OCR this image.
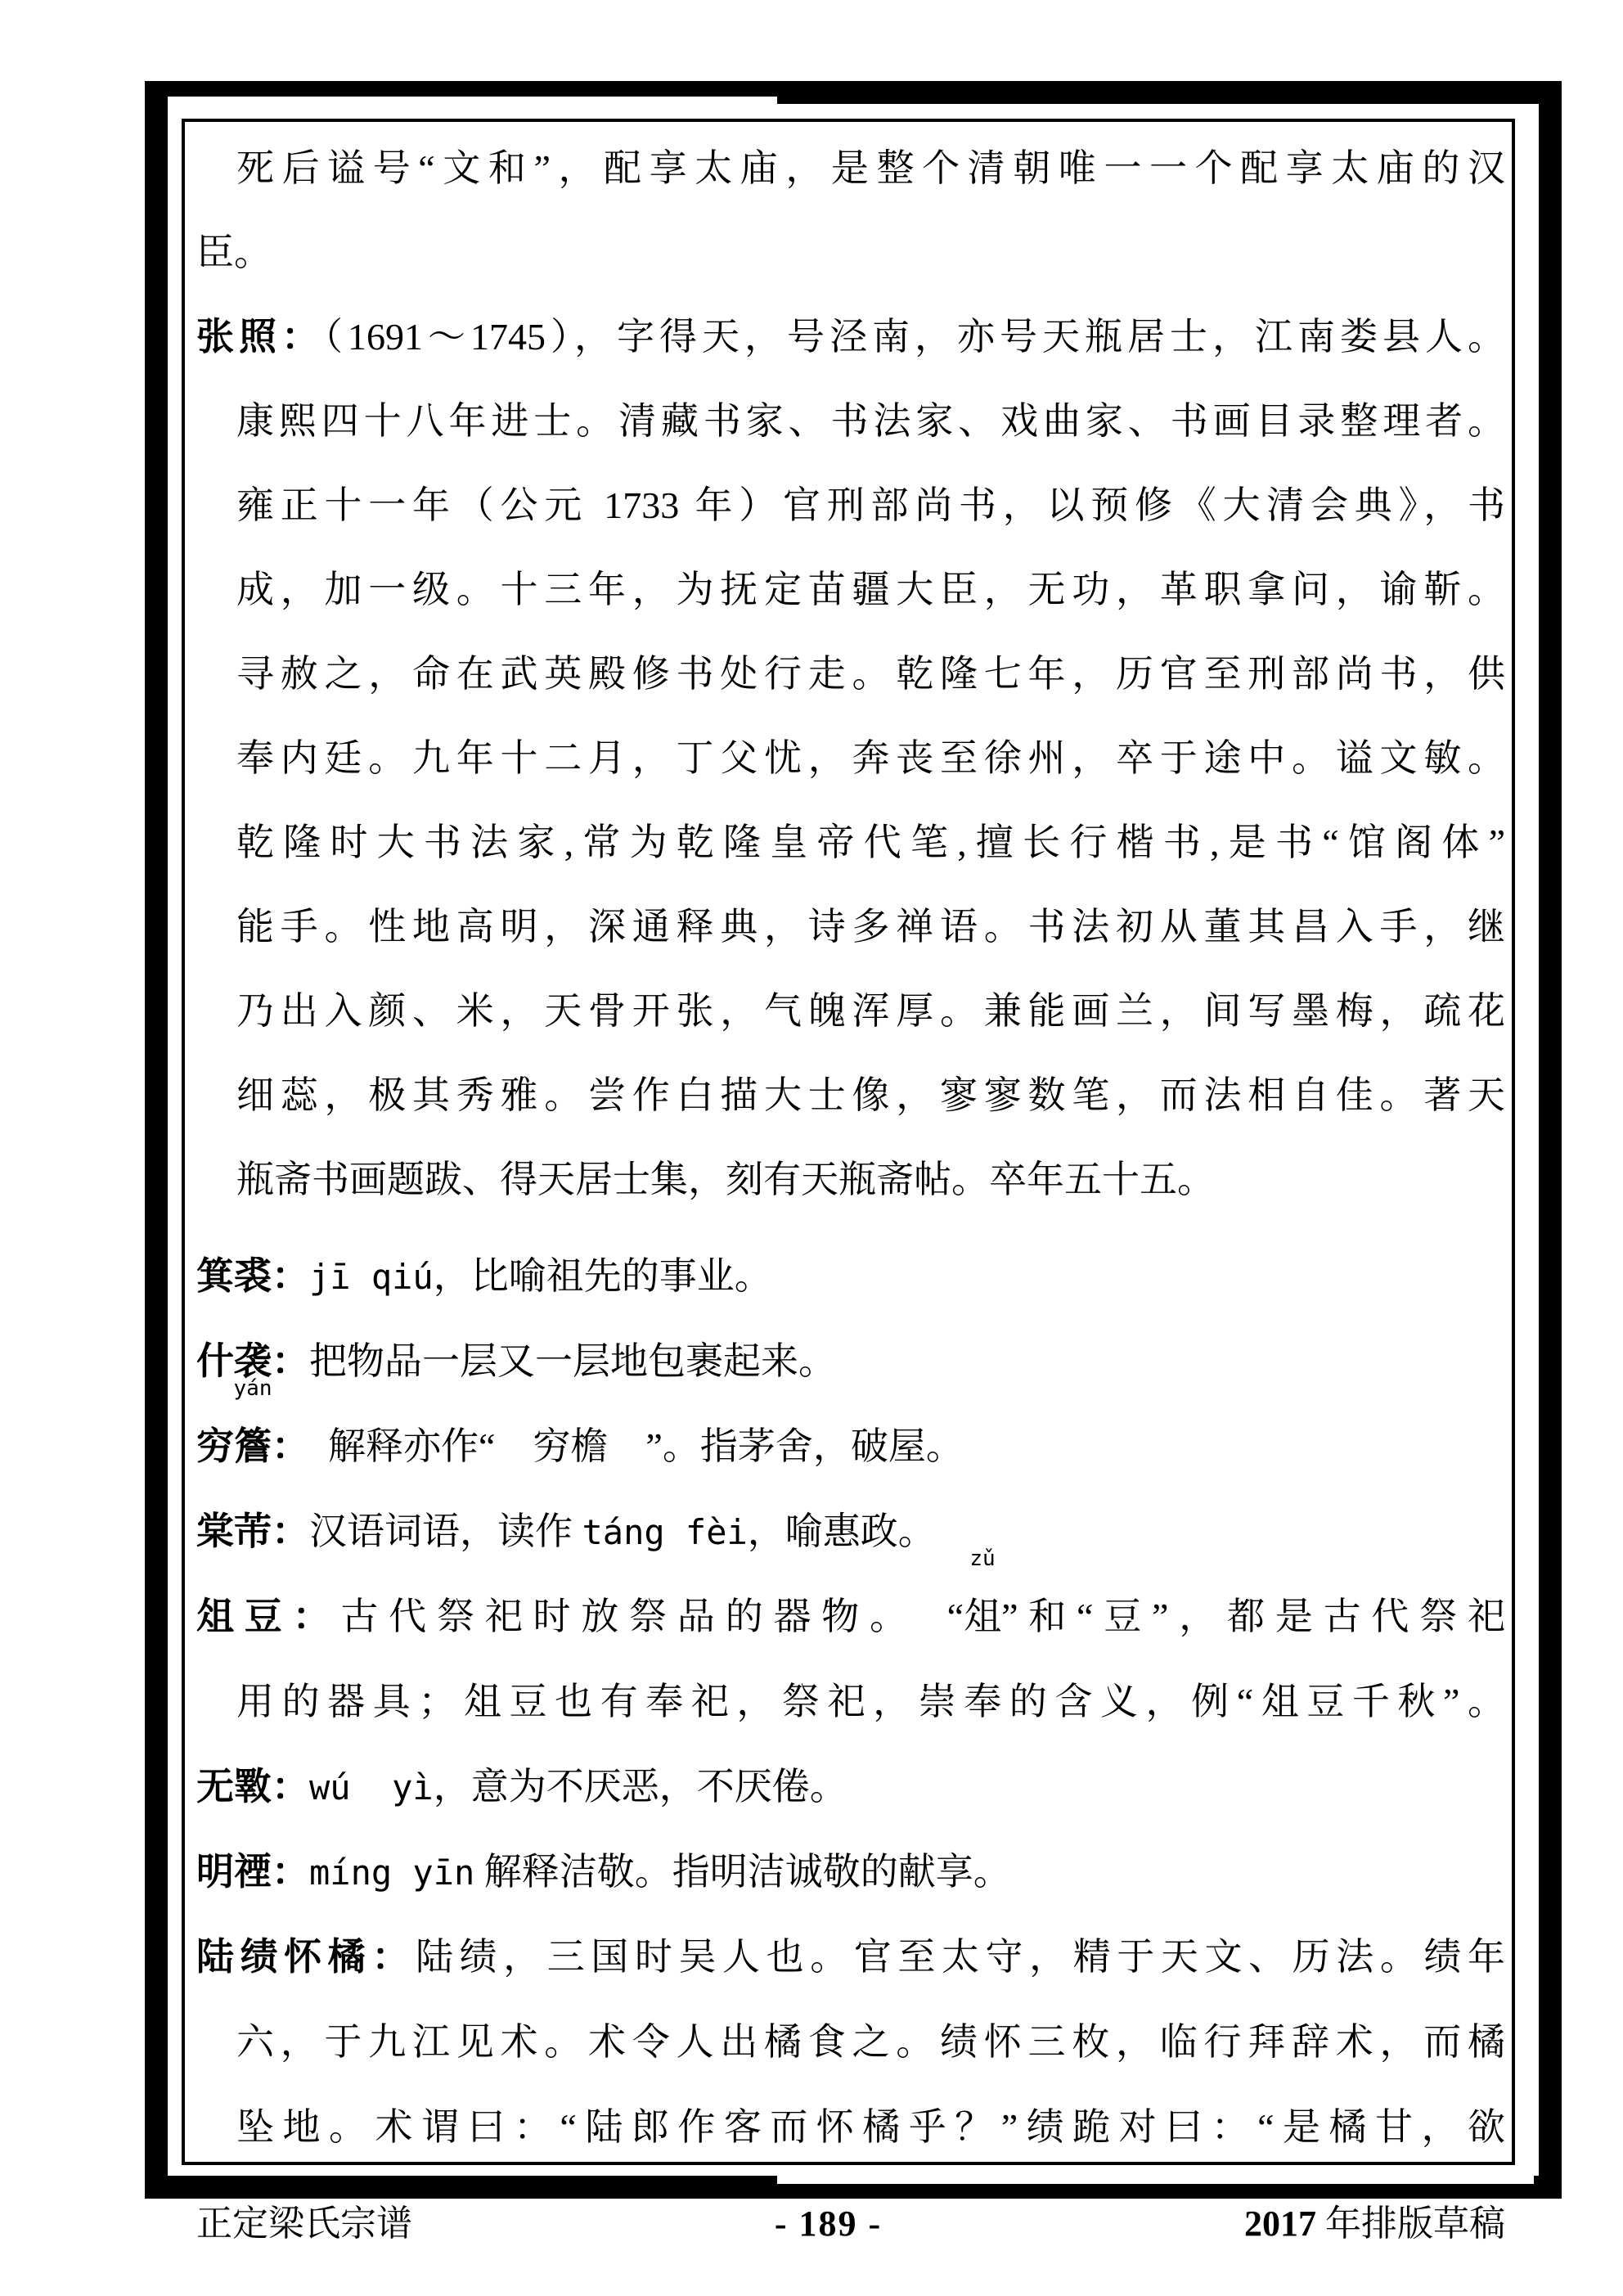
死后谥号“文和”，配享太庙，是整个清朝唯一一个配享太庙的汉
臣。
张照：（1691～1745），字得天，号泾南，亦号天瓶居士，江南娄县人。
康熙四十八年进士。清藏书家、书法家、戏曲家、书画目录整理者。
雍正十一年（公元 1733 年）官刑部尚书，以预修《大清会典》，书
成，加一级。十三年，为抚定苗疆大臣，无功，革职拿问，谕靳。
寻赦之，命在武英殿修书处行走。乾隆七年，历官至刑部尚书，供
奉内廷。九年十二月，丁父忧，奔丧至徐州，卒于途中。谥文敏。
乾隆时大书法家,常为乾隆皇帝代笔,擅长行楷书,是书“馆阁体”
能手。性地高明，深通释典，诗多禅语。书法初从董其昌入手，继
乃出入颜、米，天骨开张，气魄浑厚。兼能画兰，间写墨梅，疏花
细蕊，极其秀雅。尝作白描大士像，寥寥数笔，而法相自佳。著天
瓶斋书画题跋、得天居士集，刻有天瓶斋帖。卒年五十五。
箕裘：jī qiú，比喻祖先的事业。
什袭：把物品一层又一层地包裹起来。
穷簷
yán
：　解释亦作“　穷檐　”。指茅舍，破屋。
棠芾：汉语词语，读作 táng fèi，喻惠政。
俎豆：古代祭祀时放祭品的器物。　“俎
zǔ
”和“豆”，都是古代祭祀
用的器具；俎豆也有奉祀，祭祀，崇奉的含义，例“俎豆千秋”。
无斁：wú  yì，意为不厌恶，不厌倦。
明禋：míng yīn 解释洁敬。指明洁诚敬的献享。
陆绩怀橘：陆绩，三国时吴人也。官至太守，精于天文、历法。绩年
六，于九江见术。术令人出橘食之。绩怀三枚，临行拜辞术，而橘
坠地。术谓曰：“陆郎作客而怀橘乎？”绩跪对曰：“是橘甘，欲
正定梁氏宗谱	- 189 -	2017 年排版草稿
